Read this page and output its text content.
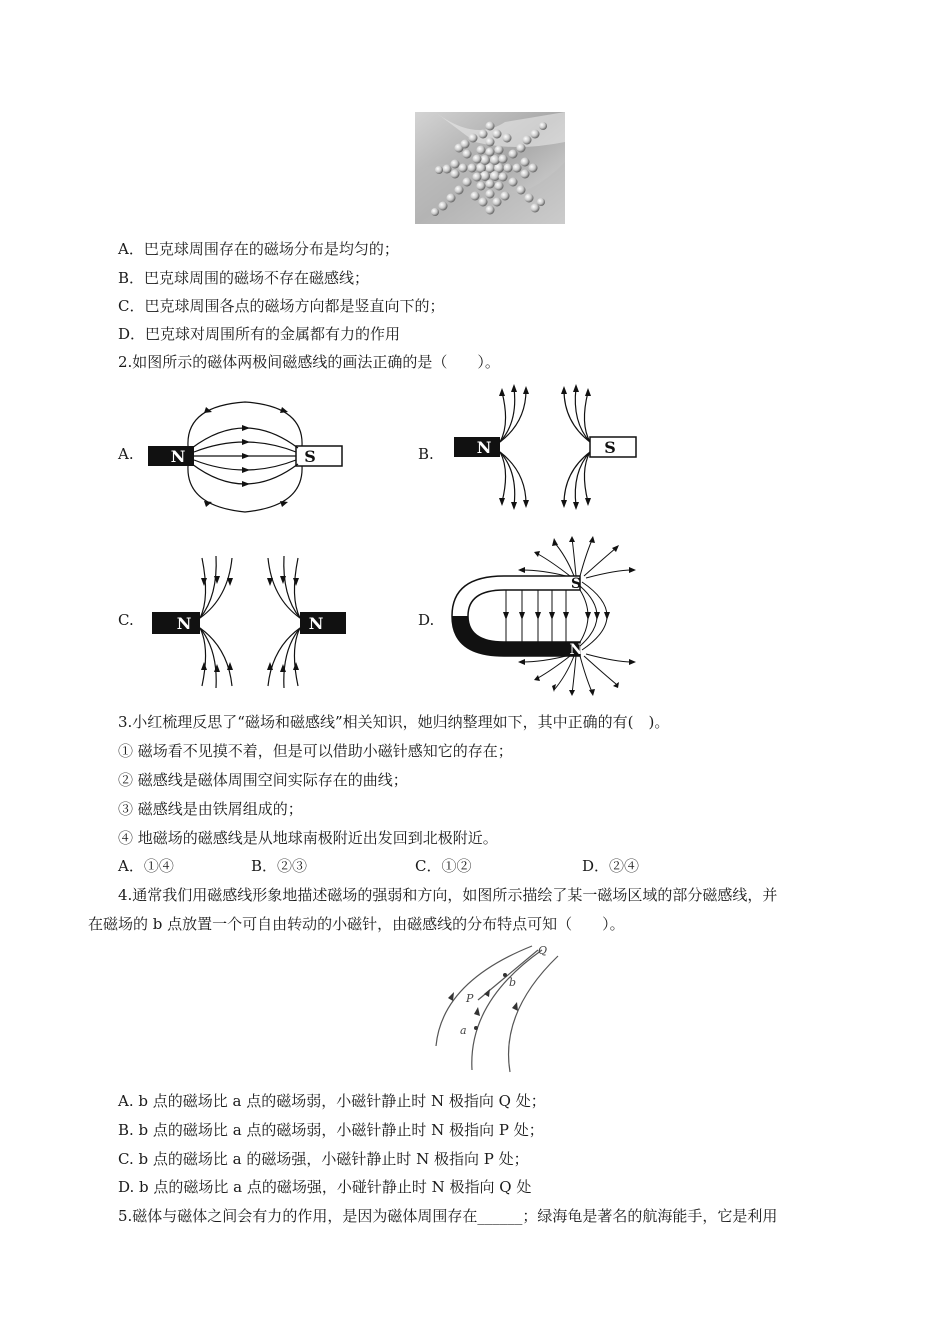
A．巴克球周围存在的磁场分布是均匀的；
B．巴克球周围的磁场不存在磁感线；
C．巴克球周围各点的磁场方向都是竖直向下的；
D．巴克球对周围所有的金属都有力的作用
2.如图所示的磁体两极间磁感线的画法正确的是（　　）。
A. N	S	B.	N	S
C.	N	N	D.
S
N
3.小红梳理反思了“磁场和磁感线”相关知识，她归纳整理如下，其中正确的有(　)。
① 磁场看不见摸不着，但是可以借助小磁针感知它的存在；
② 磁感线是磁体周围空间实际存在的曲线；
③ 磁感线是由铁屑组成的；
④ 地磁场的磁感线是从地球南极附近出发回到北极附近。
A．①④	B．②③	C．①②	D．②④
4.通常我们用磁感线形象地描述磁场的强弱和方向，如图所示描绘了某一磁场区域的部分磁感线，并
在磁场的 b 点放置一个可自由转动的小磁针，由磁感线的分布特点可知（　　）。
Q
b
P
a
A. b 点的磁场比 a 点的磁场弱，小磁针静止时 N 极指向 Q 处；
B. b 点的磁场比 a 点的磁场弱，小磁针静止时 N 极指向 P 处；
C. b 点的磁场比 a 的磁场强，小磁针静止时 N 极指向 P 处；
D. b 点的磁场比 a 点的磁场强，小碰针静止时 N 极指向 Q 处
5.磁体与磁体之间会有力的作用，是因为磁体周围存在______；绿海龟是著名的航海能手，它是利用
